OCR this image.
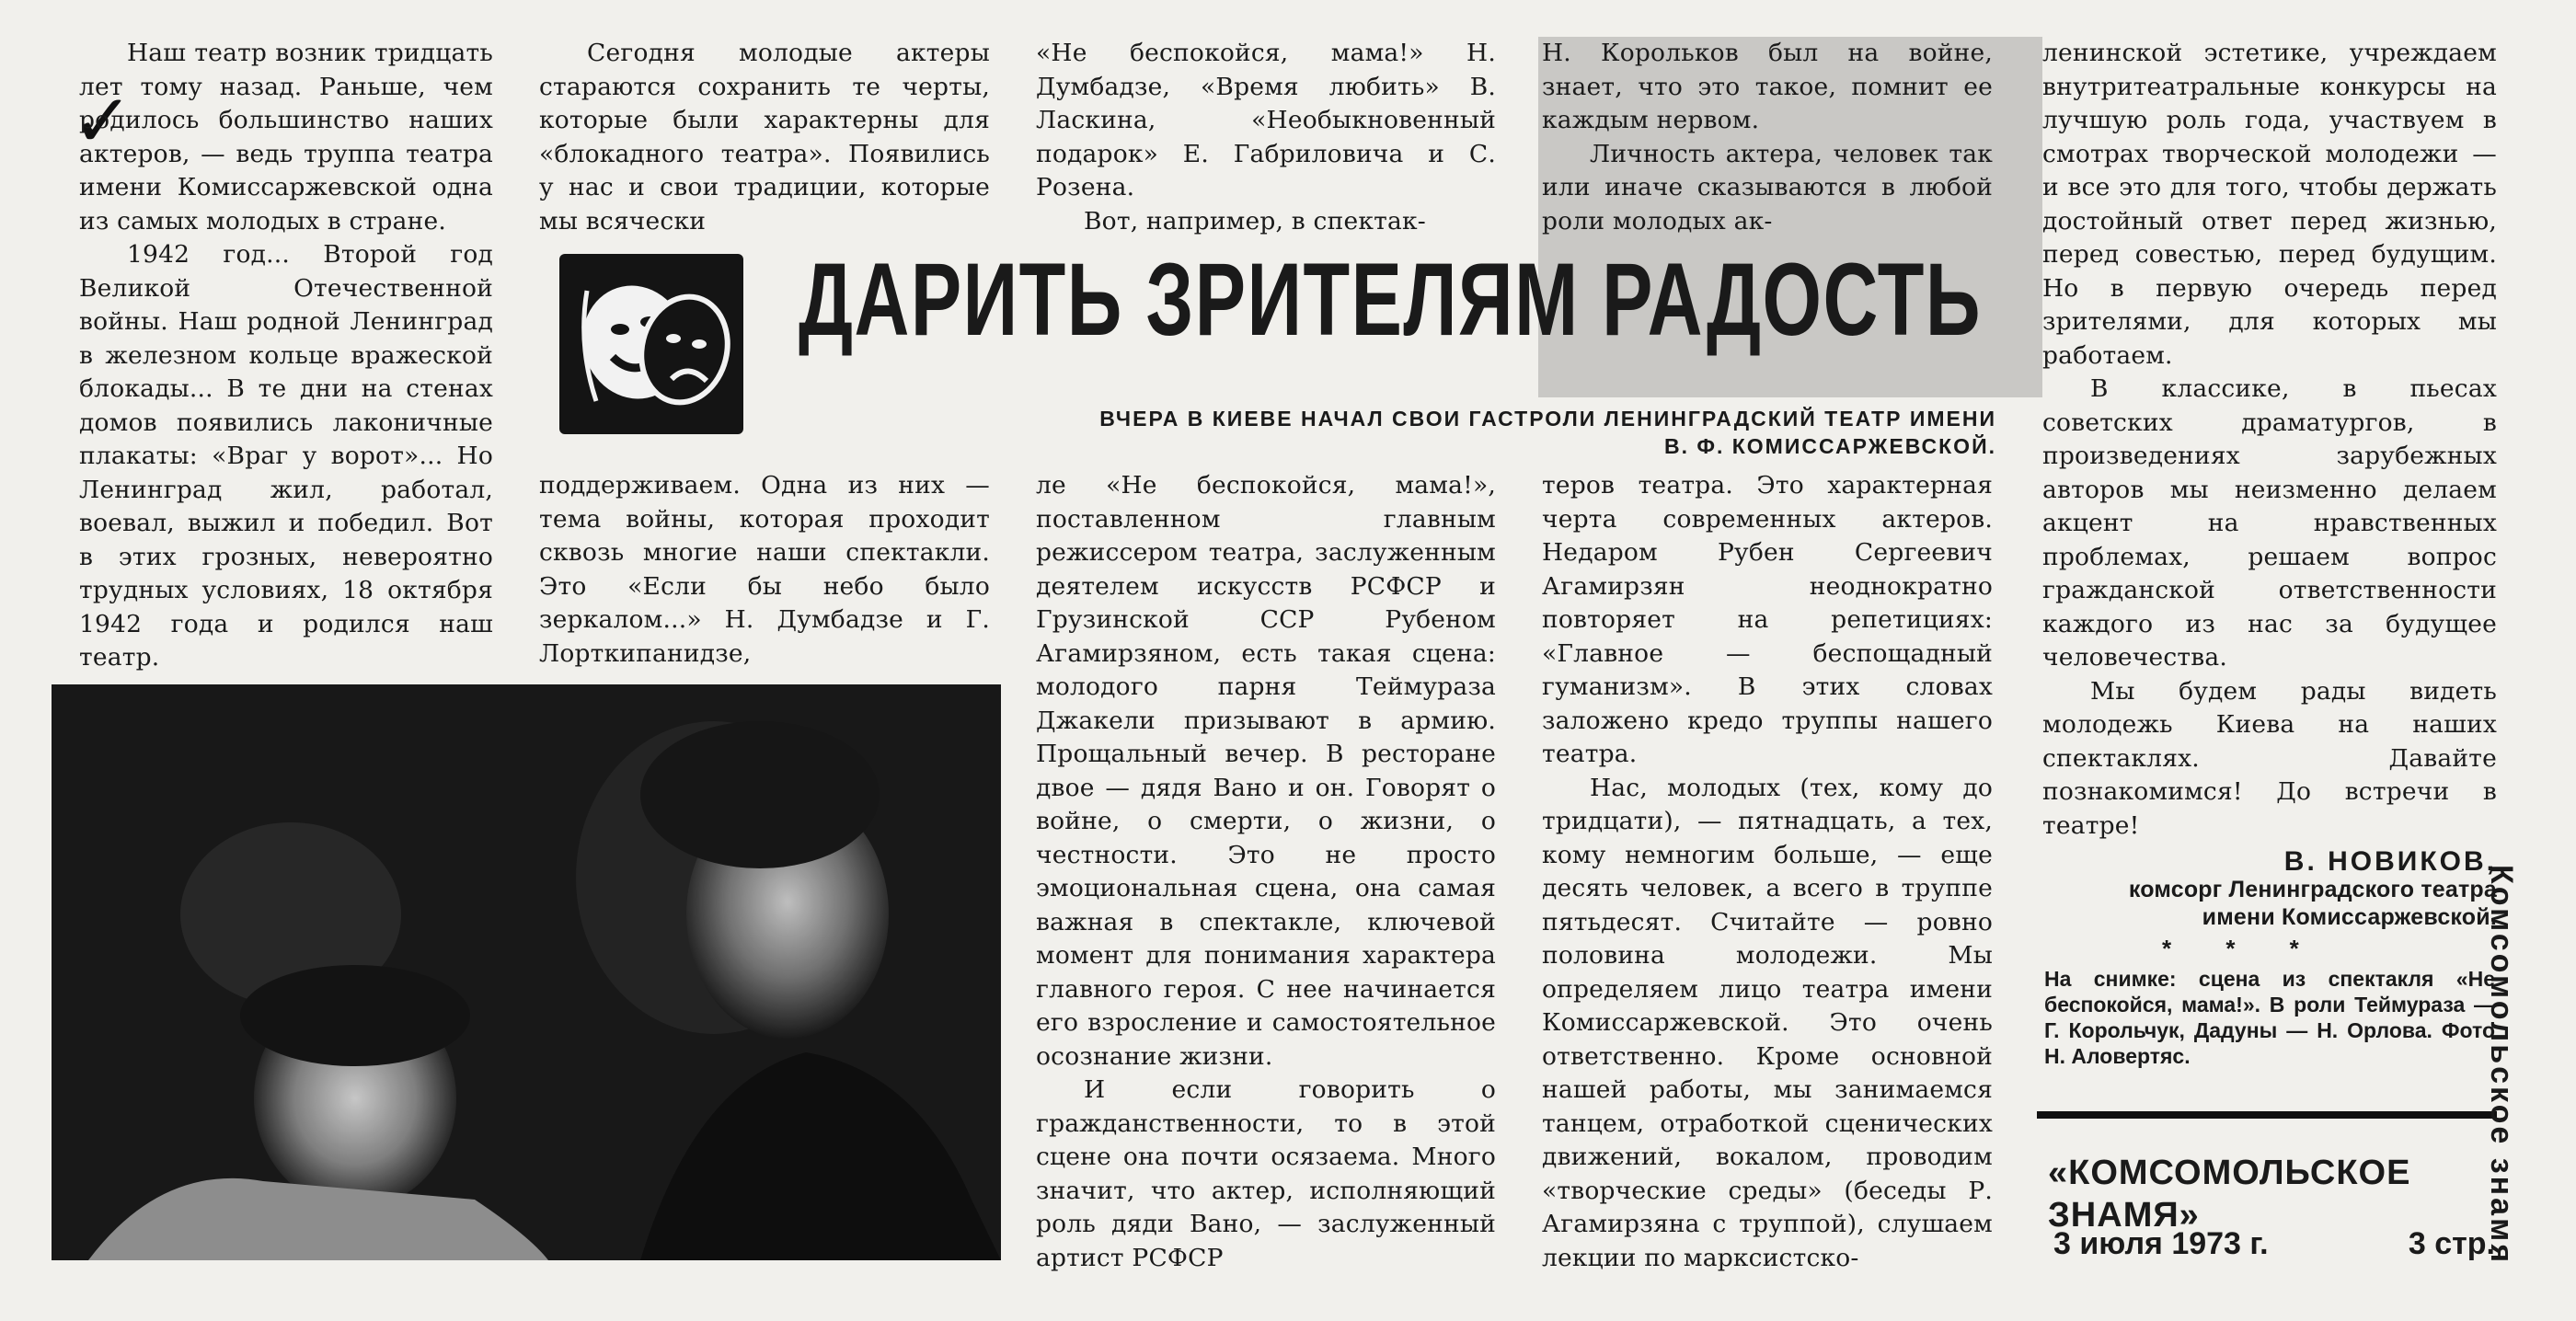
✓

Наш театр возник тридцать лет тому назад. Раньше, чем родилось большинство наших актеров, — ведь труппа театра имени Комиссаржевской одна из самых молодых в стране.

1942 год... Второй год Великой Отечественной войны. Наш родной Ленинград в железном кольце вражеской блокады... В те дни на стенах домов появились лаконичные плакаты: «Враг у ворот»... Но Ленинград жил, работал, воевал, выжил и победил. Вот в этих грозных, невероятно трудных условиях, 18 октября 1942 года и родился наш театр.

Сегодня молодые актеры стараются сохранить те черты, которые были характерны для «блокадного театра». Появились у нас и свои традиции, которые мы всячески

«Не беспокойся, мама!» Н. Думбадзе, «Время любить» В. Ласкина, «Необыкновенный подарок» Е. Габриловича и С. Розена.

Вот, например, в спектак-

Н. Корольков был на войне, знает, что это такое, помнит ее каждым нервом.

Личность актера, человек так или иначе сказываются в любой роли молодых ак-

ДАРИТЬ ЗРИТЕЛЯМ РАДОСТЬ
ВЧЕРА В КИЕВЕ НАЧАЛ СВОИ ГАСТРОЛИ ЛЕНИНГРАДСКИЙ ТЕАТР ИМЕНИ В. Ф. КОМИССАРЖЕВСКОЙ.

поддерживаем. Одна из них — тема войны, которая проходит сквозь многие наши спектакли. Это «Если бы небо было зеркалом...» Н. Думбадзе и Г. Лорткипанидзе,

ле «Не беспокойся, мама!», поставленном главным режиссером театра, заслуженным деятелем искусств РСФСР и Грузинской ССР Рубеном Агамирзяном, есть такая сцена: молодого парня Теймураза Джакели призывают в армию. Прощальный вечер. В ресторане двое — дядя Вано и он. Говорят о войне, о смерти, о жизни, о честности. Это не просто эмоциональная сцена, она самая важная в спектакле, ключевой момент для понимания характера главного героя. С нее начинается его взросление и самостоятельное осознание жизни.

И если говорить о гражданственности, то в этой сцене она почти осязаема. Много значит, что актер, исполняющий роль дяди Вано, — заслуженный артист РСФСР

теров театра. Это характерная черта современных актеров. Недаром Рубен Сергеевич Агамирзян неоднократно повторяет на репетициях: «Главное — беспощадный гуманизм». В этих словах заложено кредо труппы нашего театра.

Нас, молодых (тех, кому до тридцати), — пятнадцать, а тех, кому немногим больше, — еще десять человек, а всего в труппе пятьдесят. Считайте — ровно половина молодежи. Мы определяем лицо театра имени Комиссаржевской. Это очень ответственно. Кроме основной нашей работы, мы занимаемся танцем, отработкой сценических движений, вокалом, проводим «творческие среды» (беседы Р. Агамирзяна с труппой), слушаем лекции по марксистско-

ленинской эстетике, учреждаем внутритеатральные конкурсы на лучшую роль года, участвуем в смотрах творческой молодежи — и все это для того, чтобы держать достойный ответ перед жизнью, перед совестью, перед будущим. Но в первую очередь перед зрителями, для которых мы работаем.

В классике, в пьесах советских драматургов, в произведениях зарубежных авторов мы неизменно делаем акцент на нравственных проблемах, решаем вопрос гражданской ответственности каждого из нас за будущее человечества.

Мы будем рады видеть молодежь Киева на наших спектаклях. Давайте познакомимся! До встречи в театре!

В. НОВИКОВ,
комсорг Ленинградского театра имени Комиссаржевской.
* * *
На снимке: сцена из спектакля «Не беспокойся, мама!». В роли Теймураза — Г. Корольчук, Дадуны — Н. Орлова. Фото Н. Аловертяс.
«КОМСОМОЛЬСКОЕ ЗНАМЯ»
3 июля 1973 г.	3 стр.
Комсомольское знамя
